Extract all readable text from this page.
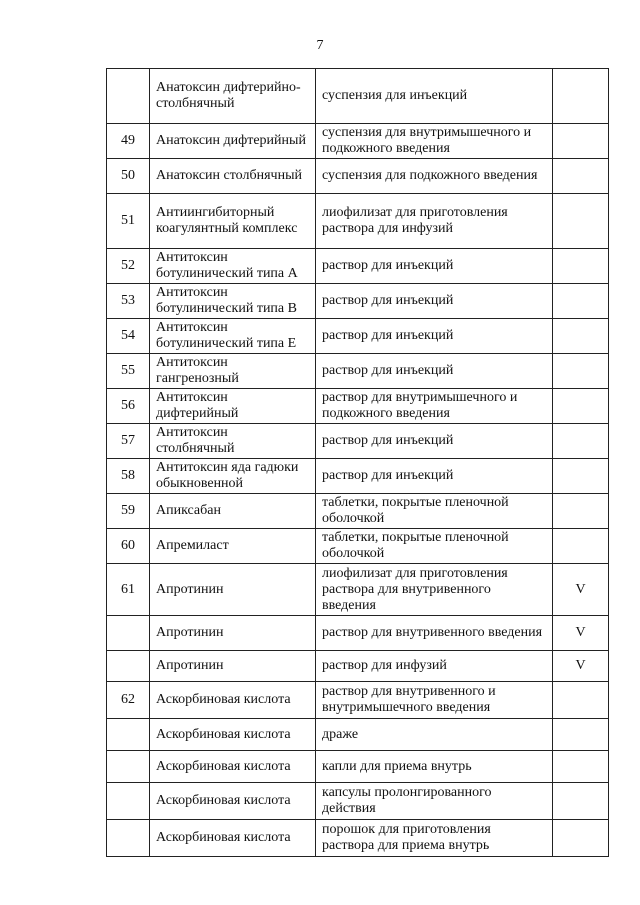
7
	Анатоксин дифтерийно-столбнячный	суспензия для инъекций	
49	Анатоксин дифтерийный	суспензия для внутримышечного и подкожного введения	
50	Анатоксин столбнячный	суспензия для подкожного введения	
51	Антиингибиторный коагулянтный комплекс	лиофилизат для приготовления раствора для инфузий	
52	Антитоксин ботулинический типа А	раствор для инъекций	
53	Антитоксин ботулинический типа В	раствор для инъекций	
54	Антитоксин ботулинический типа Е	раствор для инъекций	
55	Антитоксин гангренозный	раствор для инъекций	
56	Антитоксин дифтерийный	раствор для внутримышечного и подкожного введения	
57	Антитоксин столбнячный	раствор для инъекций	
58	Антитоксин яда гадюки обыкновенной	раствор для инъекций	
59	Апиксабан	таблетки, покрытые пленочной оболочкой	
60	Апремиласт	таблетки, покрытые пленочной оболочкой	
61	Апротинин	лиофилизат для приготовления раствора для внутривенного введения	V
	Апротинин	раствор для внутривенного введения	V
	Апротинин	раствор для инфузий	V
62	Аскорбиновая кислота	раствор для внутривенного и внутримышечного введения	
	Аскорбиновая кислота	драже	
	Аскорбиновая кислота	капли для приема внутрь	
	Аскорбиновая кислота	капсулы пролонгированного действия	
	Аскорбиновая кислота	порошок для приготовления раствора для приема внутрь	
